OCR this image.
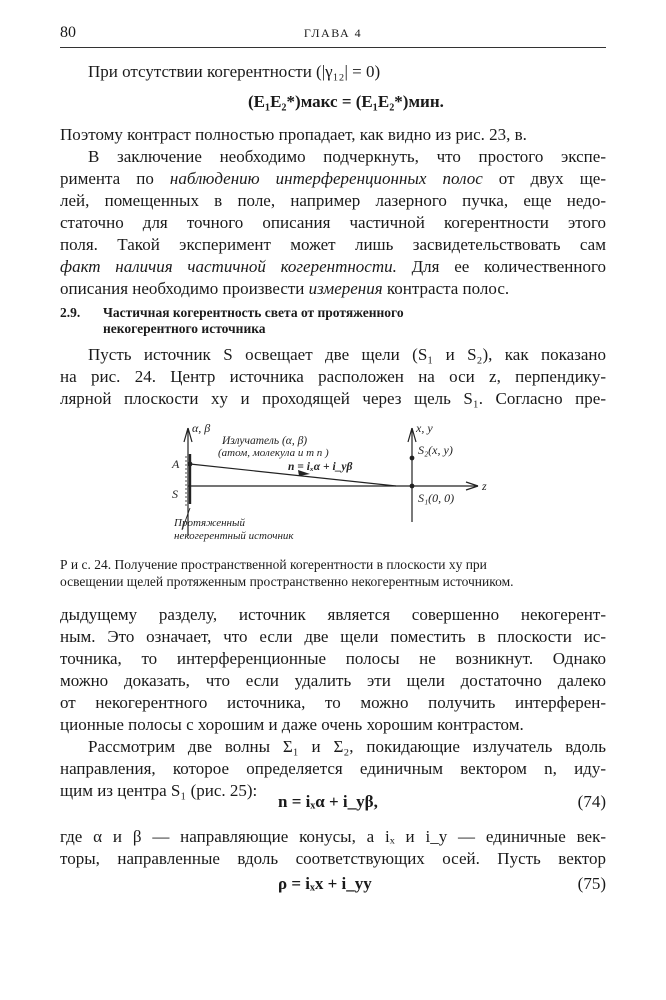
80	ГЛАВА 4
При отсутствии когерентности (|γ₁₂| = 0)
(E₁E₂*)макс = (E₁E₂*)мин.
Поэтому контраст полностью пропадает, как видно из рис. 23, в.
В заключение необходимо подчеркнуть, что простого экспе-
римента по наблюдению интерференционных полос от двух ще-
лей, помещенных в поле, например лазерного пучка, еще недо-
статочно для точного описания частичной когерентности этого
поля. Такой эксперимент может лишь засвидетельствовать сам
факт наличия частичной когерентности. Для ее количественного
описания необходимо произвести измерения контраста полос.
2.9. Частичная когерентность света от протяженного
некогерентного источника
Пусть источник S освещает две щели (S₁ и S₂), как показано
на рис. 24. Центр источника расположен на оси z, перпендику-
лярной плоскости xy и проходящей через щель S₁. Согласно пре-
α, β
Излучатель (α, β)
(атом, молекула и т п )
n = iₓα + i_yβ
A
S
x, y
S₂(x, y)
S₁(0, 0)
z
Протяженный
некогерентный источник
Р и с. 24. Получение пространственной когерентности в плоскости xy при
освещении щелей протяженным пространственно некогерентным источником.
дыдущему разделу, источник является совершенно некогерент-
ным. Это означает, что если две щели поместить в плоскости ис-
точника, то интерференционные полосы не возникнут. Однако
можно доказать, что если удалить эти щели достаточно далеко
от некогерентного источника, то можно получить интерферен-
ционные полосы с хорошим и даже очень хорошим контрастом.
Рассмотрим две волны Σ₁ и Σ₂, покидающие излучатель вдоль
направления, которое определяется единичным вектором n, иду-
щим из центра S₁ (рис. 25):
n = iₓα + i_yβ,	(74)
где α и β — направляющие конусы, а iₓ и i_y — единичные век-
торы, направленные вдоль соответствующих осей. Пусть вектор
ρ = iₓx + i_yy	(75)
